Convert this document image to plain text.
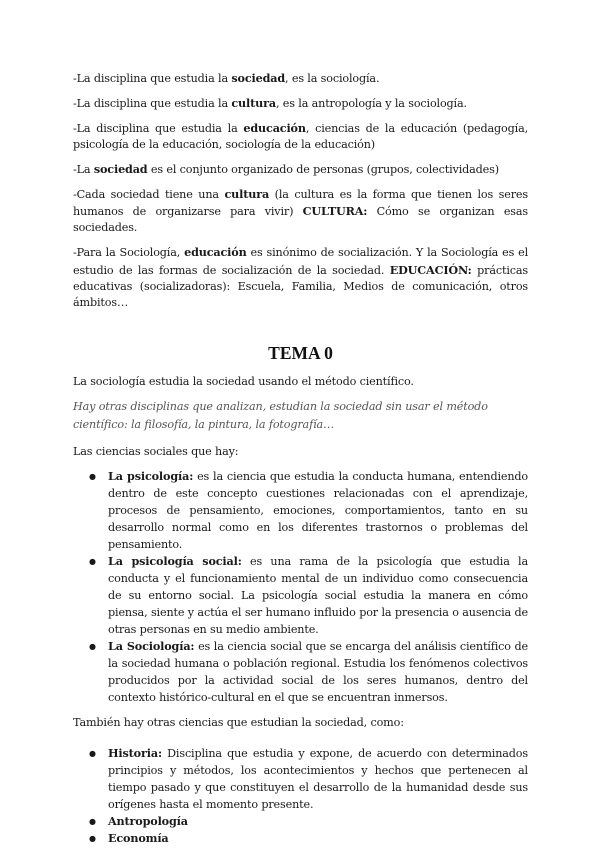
-La disciplina que estudia la sociedad, es la sociología.

-La disciplina que estudia la cultura, es la antropología y la sociología.

-La disciplina que estudia la educación, ciencias de la educación (pedagogía, psicología de la educación, sociología de la educación)

-La sociedad es el conjunto organizado de personas (grupos, colectividades)

-Cada sociedad tiene una cultura (la cultura es la forma que tienen los seres humanos de organizarse para vivir) CULTURA: Cómo se organizan esas sociedades.

-Para la Sociología, educación es sinónimo de socialización. Y la Sociología es el estudio de las formas de socialización de la sociedad. EDUCACIÓN: prácticas educativas (socializadoras): Escuela, Familia, Medios de comunicación, otros ámbitos…

TEMA 0

La sociología estudia la sociedad usando el método científico.

Hay otras disciplinas que analizan, estudian la sociedad sin usar el método científico: la filosofía, la pintura, la fotografía…

Las ciencias sociales que hay:

● La psicología: es la ciencia que estudia la conducta humana, entendiendo dentro de este concepto cuestiones relacionadas con el aprendizaje, procesos de pensamiento, emociones, comportamientos, tanto en su desarrollo normal como en los diferentes trastornos o problemas del pensamiento.
● La psicología social: es una rama de la psicología que estudia la conducta y el funcionamiento mental de un individuo como consecuencia de su entorno social. La psicología social estudia la manera en cómo piensa, siente y actúa el ser humano influido por la presencia o ausencia de otras personas en su medio ambiente.
● La Sociología: es la ciencia social que se encarga del análisis científico de la sociedad humana o población regional. Estudia los fenómenos colectivos producidos por la actividad social de los seres humanos, dentro del contexto histórico-cultural en el que se encuentran inmersos.

También hay otras ciencias que estudian la sociedad, como:

● Historia: Disciplina que estudia y expone, de acuerdo con determinados principios y métodos, los acontecimientos y hechos que pertenecen al tiempo pasado y que constituyen el desarrollo de la humanidad desde sus orígenes hasta el momento presente.
● Antropología
● Economía
